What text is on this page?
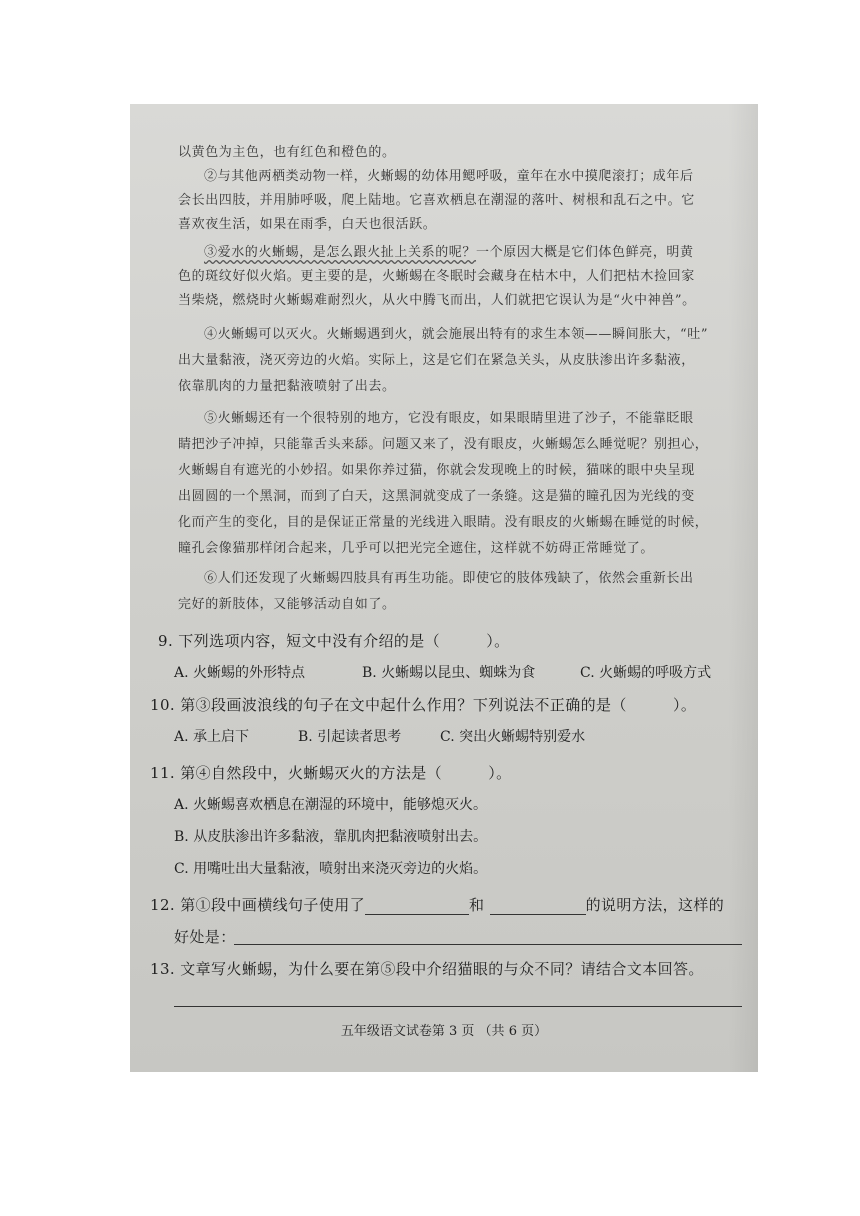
以黄色为主色，也有红色和橙色的。
②与其他两栖类动物一样，火蜥蜴的幼体用鳃呼吸，童年在水中摸爬滚打；成年后
会长出四肢，并用肺呼吸，爬上陆地。它喜欢栖息在潮湿的落叶、树根和乱石之中。它
喜欢夜生活，如果在雨季，白天也很活跃。
③爱水的火蜥蜴，是怎么跟火扯上关系的呢？一个原因大概是它们体色鲜亮，明黄
色的斑纹好似火焰。更主要的是，火蜥蜴在冬眠时会藏身在枯木中，人们把枯木捡回家
当柴烧，燃烧时火蜥蜴难耐烈火，从火中腾飞而出，人们就把它误认为是“火中神兽”。
④火蜥蜴可以灭火。火蜥蜴遇到火，就会施展出特有的求生本领——瞬间胀大，“吐”
出大量黏液，浇灭旁边的火焰。实际上，这是它们在紧急关头，从皮肤渗出许多黏液，
依靠肌肉的力量把黏液喷射了出去。
⑤火蜥蜴还有一个很特别的地方，它没有眼皮，如果眼睛里进了沙子，不能靠眨眼
睛把沙子冲掉，只能靠舌头来舔。问题又来了，没有眼皮，火蜥蜴怎么睡觉呢？别担心，
火蜥蜴自有遮光的小妙招。如果你养过猫，你就会发现晚上的时候，猫咪的眼中央呈现
出圆圆的一个黑洞，而到了白天，这黑洞就变成了一条缝。这是猫的瞳孔因为光线的变
化而产生的变化，目的是保证正常量的光线进入眼睛。没有眼皮的火蜥蜴在睡觉的时候，
瞳孔会像猫那样闭合起来，几乎可以把光完全遮住，这样就不妨碍正常睡觉了。
⑥人们还发现了火蜥蜴四肢具有再生功能。即使它的肢体残缺了，依然会重新长出
完好的新肢体，又能够活动自如了。
9. 下列选项内容，短文中没有介绍的是（　　　）。
A. 火蜥蜴的外形特点	B. 火蜥蜴以昆虫、蜘蛛为食	C. 火蜥蜴的呼吸方式
10. 第③段画波浪线的句子在文中起什么作用？下列说法不正确的是（　　　）。
A. 承上启下	B. 引起读者思考	C. 突出火蜥蜴特别爱水
11. 第④自然段中，火蜥蜴灭火的方法是（　　　）。
A. 火蜥蜴喜欢栖息在潮湿的环境中，能够熄灭火。
B. 从皮肤渗出许多黏液，靠肌肉把黏液喷射出去。
C. 用嘴吐出大量黏液，喷射出来浇灭旁边的火焰。
12. 第①段中画横线句子使用了	和	的说明方法，这样的
好处是：
13. 文章写火蜥蜴，为什么要在第⑤段中介绍猫眼的与众不同？请结合文本回答。
五年级语文试卷第 3 页 （共 6 页）
